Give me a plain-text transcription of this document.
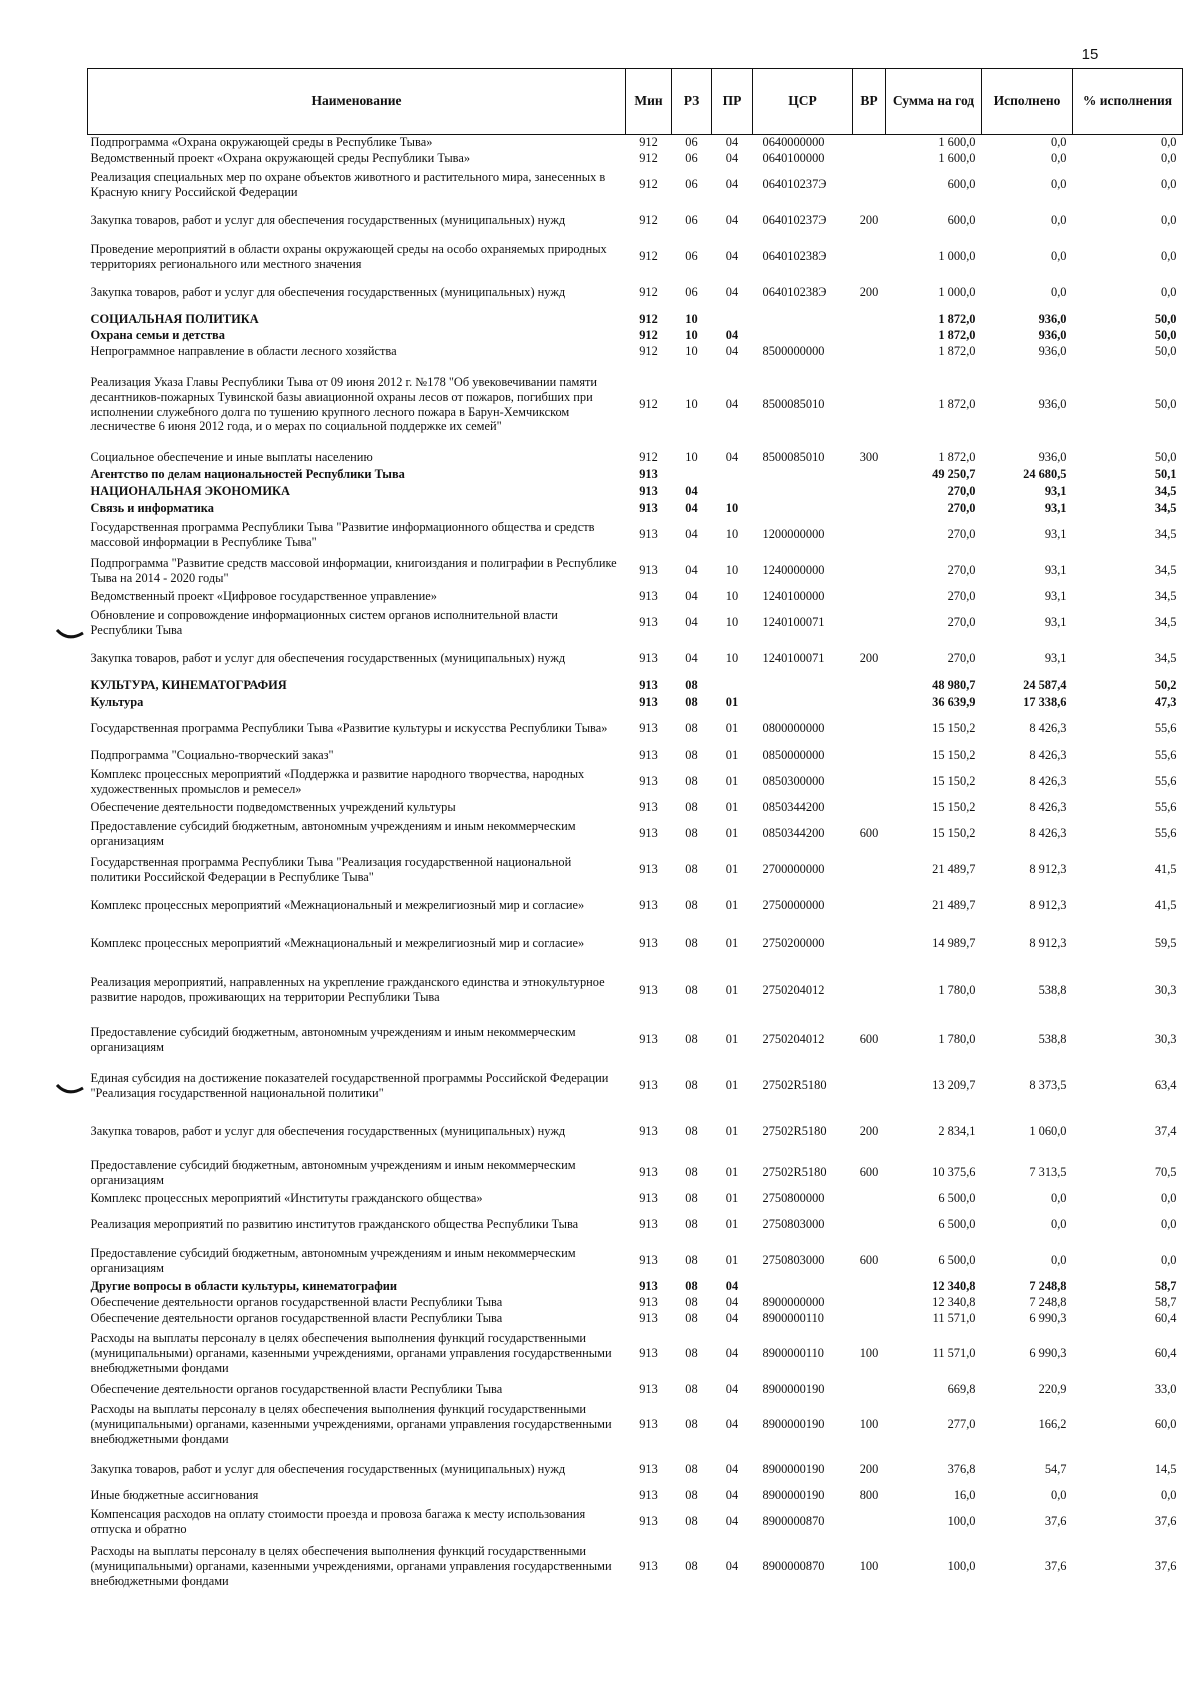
15
Наименование	Мин	РЗ	ПР	ЦСР	ВР	Сумма на год	Исполнено	% исполнения
Подпрограмма «Охрана окружающей среды в Республике Тыва»	912	06	04	0640000000		1 600,0	0,0	0,0
Ведомственный проект «Охрана окружающей среды Республики Тыва»	912	06	04	0640100000		1 600,0	0,0	0,0
Реализация специальных мер по охране объектов животного и растительного мира, занесенных в Красную книгу Российской Федерации	912	06	04	064010237Э		600,0	0,0	0,0
Закупка товаров, работ и услуг для обеспечения государственных (муниципальных) нужд	912	06	04	064010237Э	200	600,0	0,0	0,0
Проведение мероприятий в области охраны окружающей среды на особо охраняемых природных территориях регионального или местного значения	912	06	04	064010238Э		1 000,0	0,0	0,0
Закупка товаров, работ и услуг для обеспечения государственных (муниципальных) нужд	912	06	04	064010238Э	200	1 000,0	0,0	0,0
СОЦИАЛЬНАЯ ПОЛИТИКА	912	10				1 872,0	936,0	50,0
Охрана семьи и детства	912	10	04			1 872,0	936,0	50,0
Непрограммное направление в области лесного хозяйства	912	10	04	8500000000		1 872,0	936,0	50,0
Реализация Указа Главы Республики Тыва от 09 июня 2012 г. №178 "Об увековечивании памяти десантников-пожарных Тувинской базы авиационной охраны лесов от пожаров, погибших при исполнении служебного долга по тушению крупного лесного пожара в Барун-Хемчикском лесничестве 6 июня 2012 года, и о мерах по социальной поддержке их семей"	912	10	04	8500085010		1 872,0	936,0	50,0
Социальное обеспечение и иные выплаты населению	912	10	04	8500085010	300	1 872,0	936,0	50,0
Агентство по делам национальностей Республики Тыва	913					49 250,7	24 680,5	50,1
НАЦИОНАЛЬНАЯ ЭКОНОМИКА	913	04				270,0	93,1	34,5
Связь и информатика	913	04	10			270,0	93,1	34,5
Государственная программа Республики Тыва "Развитие информационного общества и средств массовой информации в Республике Тыва"	913	04	10	1200000000		270,0	93,1	34,5
Подпрограмма "Развитие средств массовой информации, книгоиздания и полиграфии в Республике Тыва на 2014 - 2020 годы"	913	04	10	1240000000		270,0	93,1	34,5
Ведомственный проект «Цифровое государственное управление»	913	04	10	1240100000		270,0	93,1	34,5
Обновление и сопровождение информационных систем органов исполнительной власти Республики Тыва	913	04	10	1240100071		270,0	93,1	34,5
Закупка товаров, работ и услуг для обеспечения государственных (муниципальных) нужд	913	04	10	1240100071	200	270,0	93,1	34,5
КУЛЬТУРА, КИНЕМАТОГРАФИЯ	913	08				48 980,7	24 587,4	50,2
Культура	913	08	01			36 639,9	17 338,6	47,3
Государственная программа Республики Тыва «Развитие культуры и искусства Республики Тыва»	913	08	01	0800000000		15 150,2	8 426,3	55,6
Подпрограмма "Социально-творческий заказ"	913	08	01	0850000000		15 150,2	8 426,3	55,6
Комплекс процессных мероприятий «Поддержка и развитие народного творчества, народных художественных промыслов и ремесел»	913	08	01	0850300000		15 150,2	8 426,3	55,6
Обеспечение деятельности подведомственных учреждений культуры	913	08	01	0850344200		15 150,2	8 426,3	55,6
Предоставление субсидий бюджетным, автономным учреждениям и иным некоммерческим организациям	913	08	01	0850344200	600	15 150,2	8 426,3	55,6
Государственная программа Республики Тыва "Реализация государственной национальной политики Российской Федерации в Республике Тыва"	913	08	01	2700000000		21 489,7	8 912,3	41,5
Комплекс процессных мероприятий «Межнациональный и межрелигиозный мир и согласие»	913	08	01	2750000000		21 489,7	8 912,3	41,5
Комплекс процессных мероприятий «Межнациональный и межрелигиозный мир и согласие»	913	08	01	2750200000		14 989,7	8 912,3	59,5
Реализация мероприятий, направленных на укрепление гражданского единства и этнокультурное развитие народов, проживающих на территории Республики Тыва	913	08	01	2750204012		1 780,0	538,8	30,3
Предоставление субсидий бюджетным, автономным учреждениям и иным некоммерческим организациям	913	08	01	2750204012	600	1 780,0	538,8	30,3
Единая субсидия на достижение показателей государственной программы Российской Федерации "Реализация государственной национальной политики"	913	08	01	27502R5180		13 209,7	8 373,5	63,4
Закупка товаров, работ и услуг для обеспечения государственных (муниципальных) нужд	913	08	01	27502R5180	200	2 834,1	1 060,0	37,4
Предоставление субсидий бюджетным, автономным учреждениям и иным некоммерческим организациям	913	08	01	27502R5180	600	10 375,6	7 313,5	70,5
Комплекс процессных мероприятий «Институты гражданского общества»	913	08	01	2750800000		6 500,0	0,0	0,0
Реализация мероприятий по развитию институтов гражданского общества Республики Тыва	913	08	01	2750803000		6 500,0	0,0	0,0
Предоставление субсидий бюджетным, автономным учреждениям и иным некоммерческим организациям	913	08	01	2750803000	600	6 500,0	0,0	0,0
Другие вопросы в области культуры, кинематографии	913	08	04			12 340,8	7 248,8	58,7
Обеспечение деятельности органов государственной власти Республики Тыва	913	08	04	8900000000		12 340,8	7 248,8	58,7
Обеспечение деятельности органов государственной власти Республики Тыва	913	08	04	8900000110		11 571,0	6 990,3	60,4
Расходы на выплаты персоналу в целях обеспечения выполнения функций государственными (муниципальными) органами, казенными учреждениями, органами управления государственными внебюджетными фондами	913	08	04	8900000110	100	11 571,0	6 990,3	60,4
Обеспечение деятельности органов государственной власти Республики Тыва	913	08	04	8900000190		669,8	220,9	33,0
Расходы на выплаты персоналу в целях обеспечения выполнения функций государственными (муниципальными) органами, казенными учреждениями, органами управления государственными внебюджетными фондами	913	08	04	8900000190	100	277,0	166,2	60,0
Закупка товаров, работ и услуг для обеспечения государственных (муниципальных) нужд	913	08	04	8900000190	200	376,8	54,7	14,5
Иные бюджетные ассигнования	913	08	04	8900000190	800	16,0	0,0	0,0
Компенсация расходов на оплату стоимости проезда и провоза багажа к месту использования отпуска и обратно	913	08	04	8900000870		100,0	37,6	37,6
Расходы на выплаты персоналу в целях обеспечения выполнения функций государственными (муниципальными) органами, казенными учреждениями, органами управления государственными внебюджетными фондами	913	08	04	8900000870	100	100,0	37,6	37,6
